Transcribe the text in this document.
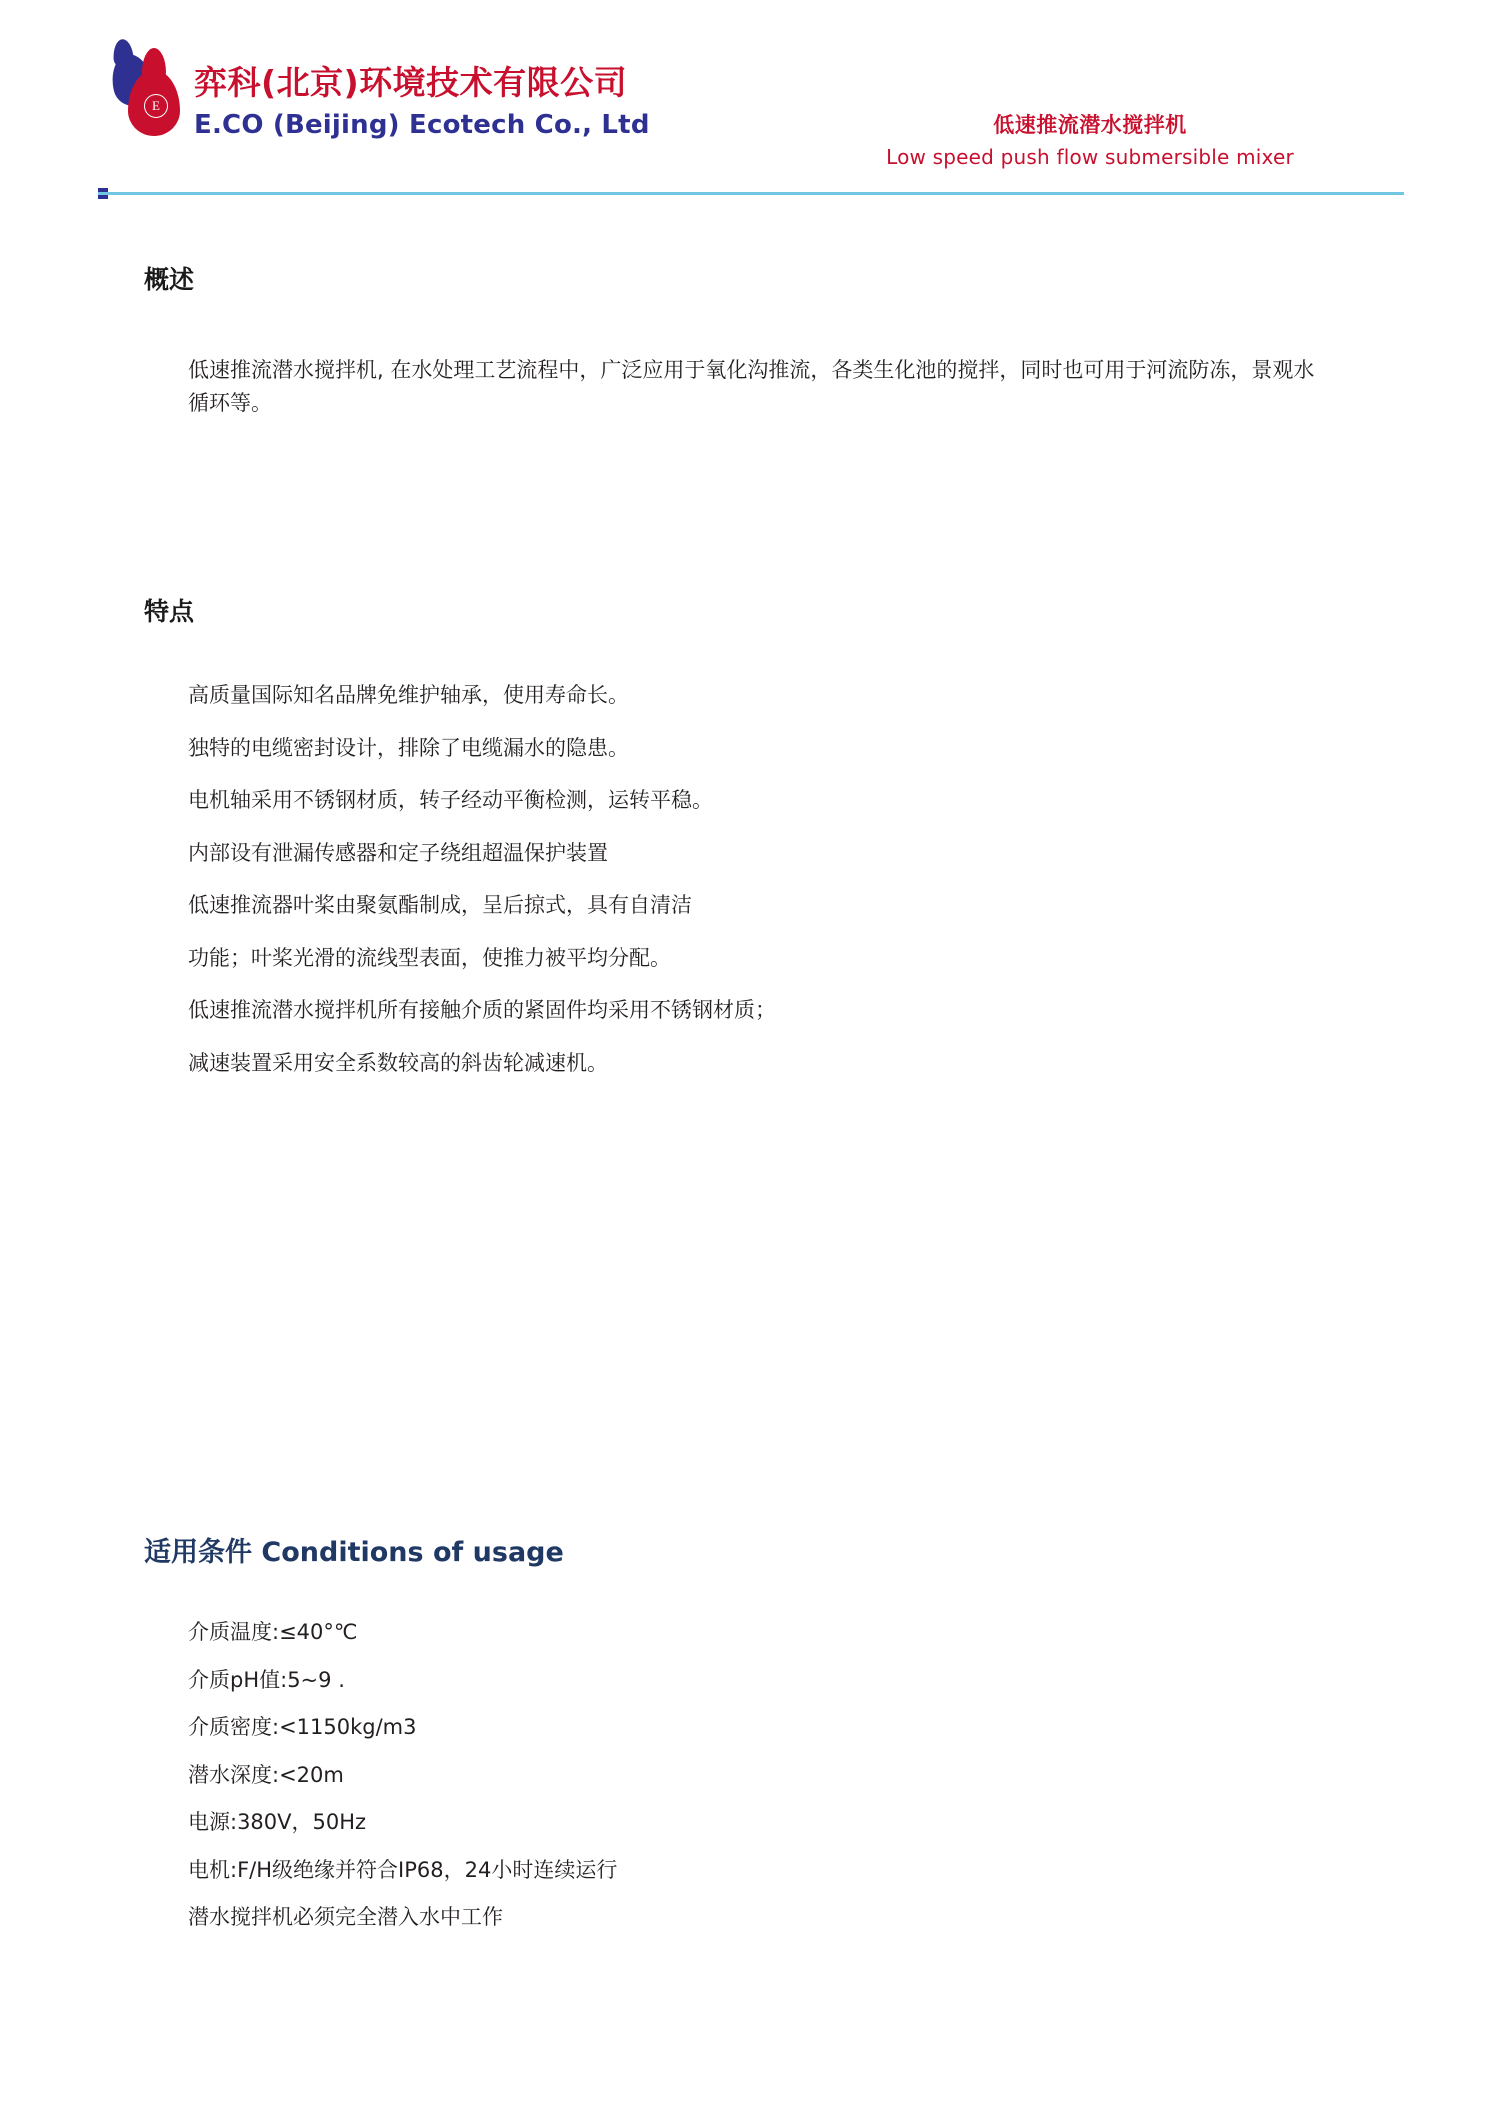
E
弈科(北京)环境技术有限公司
E.CO (Beijing) Ecotech Co., Ltd	低速推流潜水搅拌机
Low speed push flow submersible mixer
概述
低速推流潜水搅拌机, 在水处理工艺流程中，广泛应用于氧化沟推流，各类生化池的搅拌，同时也可用于河流防冻，景观水循环等。
特点
高质量国际知名品牌免维护轴承，使用寿命长。
独特的电缆密封设计，排除了电缆漏水的隐患。
电机轴采用不锈钢材质，转子经动平衡检测，运转平稳。
内部设有泄漏传感器和定子绕组超温保护装置
低速推流器叶桨由聚氨酯制成，呈后掠式，具有自清洁
功能；叶桨光滑的流线型表面，使推力被平均分配。
低速推流潜水搅拌机所有接触介质的紧固件均采用不锈钢材质；
减速装置采用安全系数较高的斜齿轮减速机。
适用条件 Conditions of usage
介质温度:≤40°℃
介质pH值:5~9 .
介质密度:<1150kg/m3
潜水深度:<20m
电源:380V，50Hz
电机:F/H级绝缘并符合IP68，24小时连续运行
潜水搅拌机必须完全潜入水中工作
